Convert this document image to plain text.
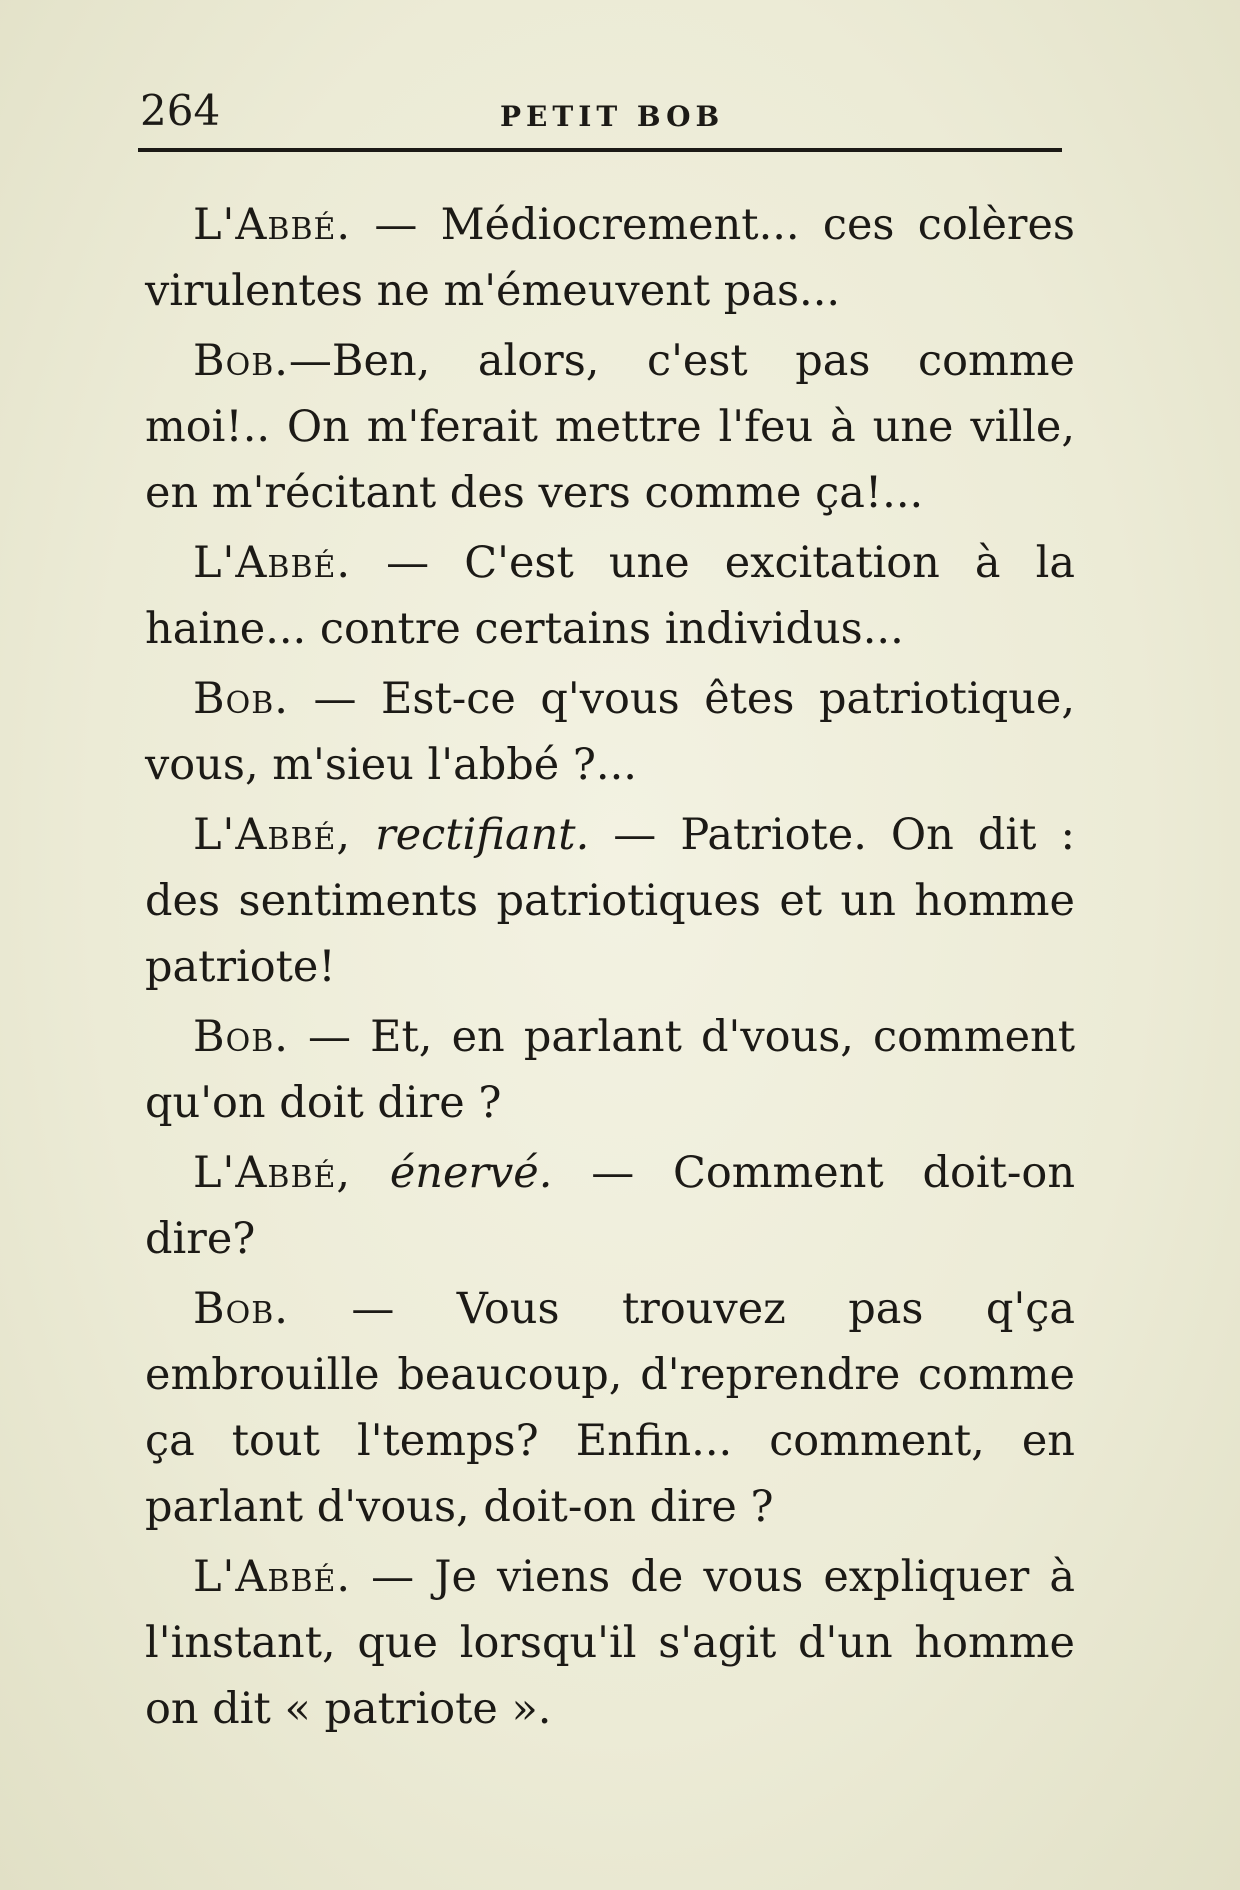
264	PETIT BOB

L'Abbé. — Médiocrement... ces colères virulentes ne m'émeuvent pas...

Bob.—Ben, alors, c'est pas comme moi!.. On m'ferait mettre l'feu à une ville, en m'récitant des vers comme ça!...

L'Abbé. — C'est une excitation à la haine... contre certains individus...

Bob. — Est-ce q'vous êtes patriotique, vous, m'sieu l'abbé ?...

L'Abbé, rectifiant. — Patriote. On dit : des sentiments patriotiques et un homme patriote!

Bob. — Et, en parlant d'vous, comment qu'on doit dire ?

L'Abbé, énervé. — Comment doit-on dire?

Bob. — Vous trouvez pas q'ça embrouille beaucoup, d'reprendre comme ça tout l'temps? Enfin... comment, en parlant d'vous, doit-on dire ?

L'Abbé. — Je viens de vous expliquer à l'instant, que lorsqu'il s'agit d'un homme on dit « patriote ».
